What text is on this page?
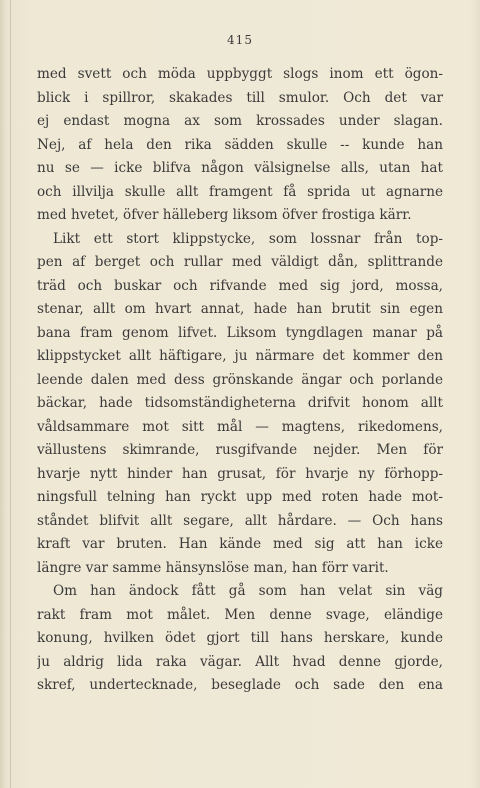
415
med svett och möda uppbyggt slogs inom ett ögon-
blick i spillror, skakades till smulor. Och det var
ej endast mogna ax som krossades under slagan.
Nej, af hela den rika sädden skulle -- kunde han
nu se — icke blifva någon välsignelse alls, utan hat
och illvilja skulle allt framgent få sprida ut agnarne
med hvetet, öfver hälleberg liksom öfver frostiga kärr.
Likt ett stort klippstycke, som lossnar från top-
pen af berget och rullar med väldigt dån, splittrande
träd och buskar och rifvande med sig jord, mossa,
stenar, allt om hvart annat, hade han brutit sin egen
bana fram genom lifvet. Liksom tyngdlagen manar på
klippstycket allt häftigare, ju närmare det kommer den
leende dalen med dess grönskande ängar och porlande
bäckar, hade tidsomständigheterna drifvit honom allt
våldsammare mot sitt mål — magtens, rikedomens,
vällustens skimrande, rusgifvande nejder. Men för
hvarje nytt hinder han grusat, för hvarje ny förhopp-
ningsfull telning han ryckt upp med roten hade mot-
ståndet blifvit allt segare, allt hårdare. — Och hans
kraft var bruten. Han kände med sig att han icke
längre var samme hänsynslöse man, han förr varit.
Om han ändock fått gå som han velat sin väg
rakt fram mot målet. Men denne svage, eländige
konung, hvilken ödet gjort till hans herskare, kunde
ju aldrig lida raka vägar. Allt hvad denne gjorde,
skref, undertecknade, beseglade och sade den ena
